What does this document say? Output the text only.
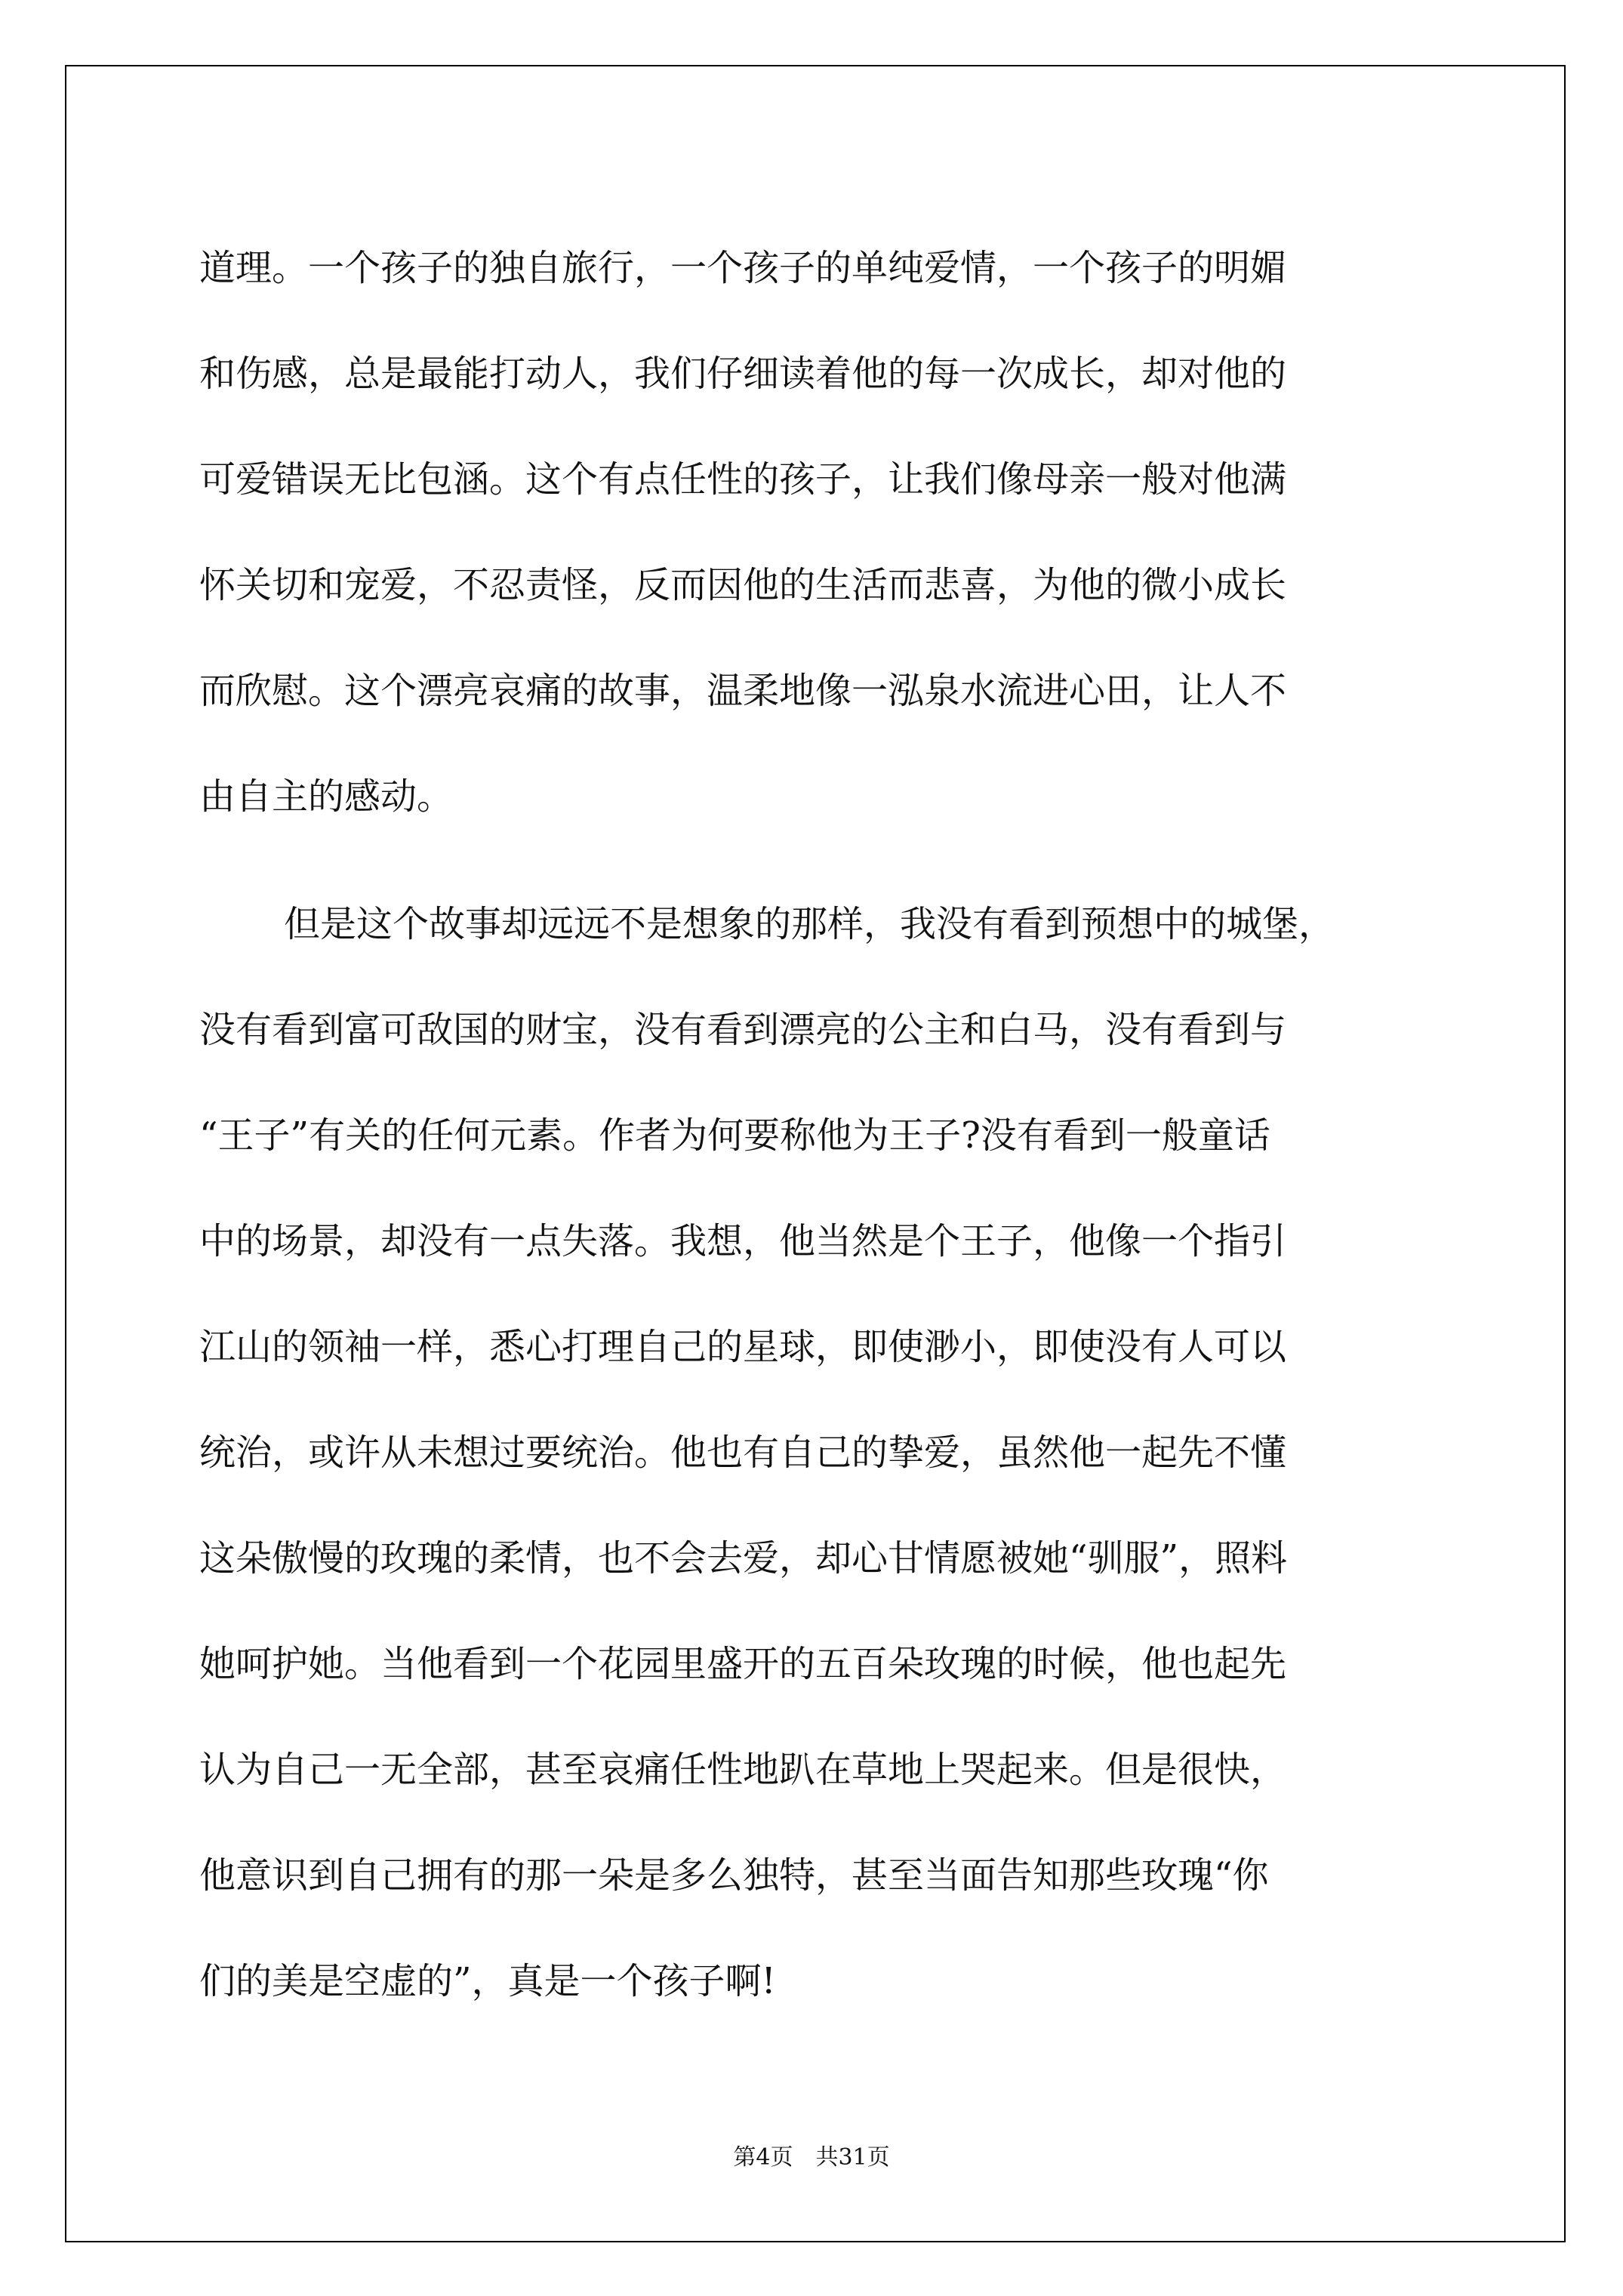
道理。一个孩子的独自旅行，一个孩子的单纯爱情，一个孩子的明媚
和伤感，总是最能打动人，我们仔细读着他的每一次成长，却对他的
可爱错误无比包涵。这个有点任性的孩子，让我们像母亲一般对他满
怀关切和宠爱，不忍责怪，反而因他的生活而悲喜，为他的微小成长
而欣慰。这个漂亮哀痛的故事，温柔地像一泓泉水流进心田，让人不
由自主的感动。
但是这个故事却远远不是想象的那样，我没有看到预想中的城堡，
没有看到富可敌国的财宝，没有看到漂亮的公主和白马，没有看到与
“王子”有关的任何元素。作者为何要称他为王子?没有看到一般童话
中的场景，却没有一点失落。我想，他当然是个王子，他像一个指引
江山的领袖一样，悉心打理自己的星球，即使渺小，即使没有人可以
统治，或许从未想过要统治。他也有自己的挚爱，虽然他一起先不懂
这朵傲慢的玫瑰的柔情，也不会去爱，却心甘情愿被她“驯服”，照料
她呵护她。当他看到一个花园里盛开的五百朵玫瑰的时候，他也起先
认为自己一无全部，甚至哀痛任性地趴在草地上哭起来。但是很快，
他意识到自己拥有的那一朵是多么独特，甚至当面告知那些玫瑰“你
们的美是空虚的”，真是一个孩子啊!
第4页　共31页
